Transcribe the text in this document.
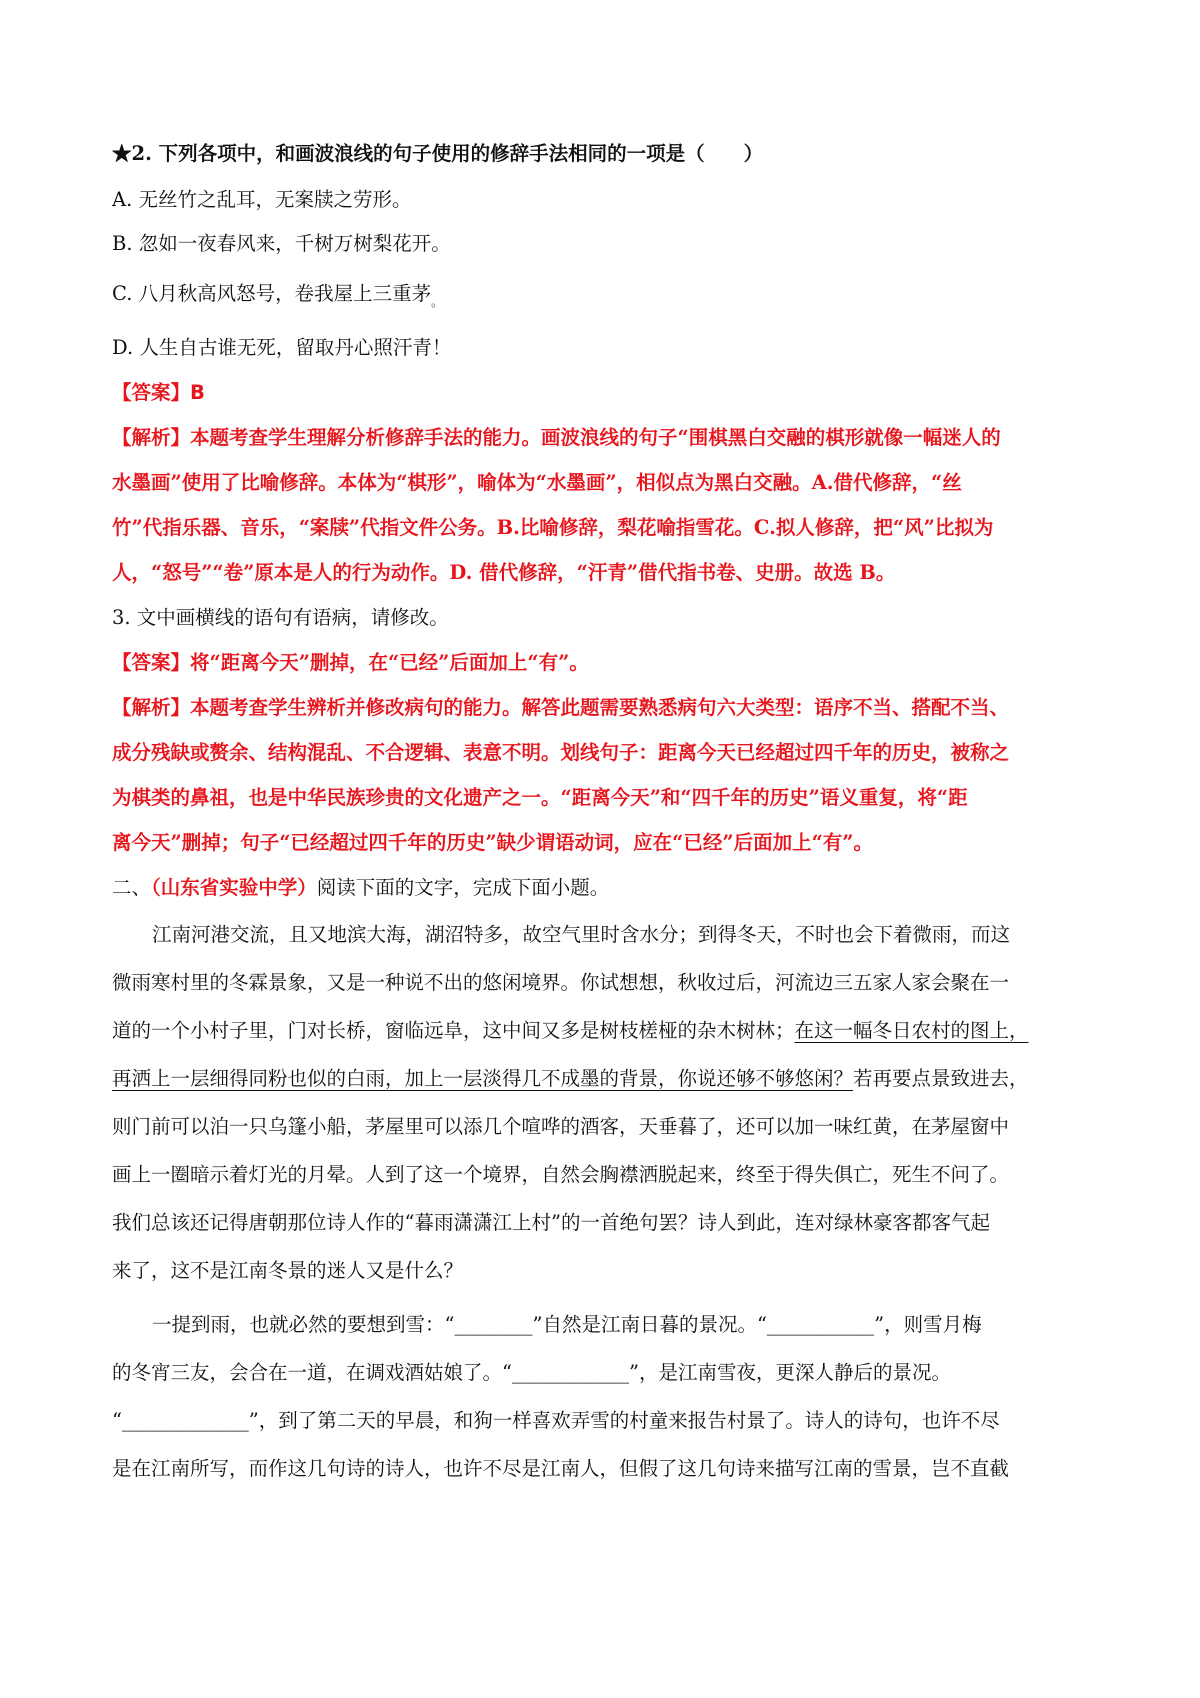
★2. 下列各项中，和画波浪线的句子使用的修辞手法相同的一项是（　　）
A. 无丝竹之乱耳，无案牍之劳形。
B. 忽如一夜春风来，千树万树梨花开。
C. 八月秋高风怒号，卷我屋上三重茅$_。$
D. 人生自古谁无死，留取丹心照汗青！
【答案】B
【解析】本题考查学生理解分析修辞手法的能力。画波浪线的句子“围棋黑白交融的棋形就像一幅迷人的
水墨画”使用了比喻修辞。本体为“棋形”，喻体为“水墨画”，相似点为黑白交融。A.借代修辞，“丝
竹”代指乐器、音乐，“案牍”代指文件公务。B.比喻修辞，梨花喻指雪花。C.拟人修辞，把“风”比拟为
人，“怒号”“卷”原本是人的行为动作。D. 借代修辞，“汗青”借代指书卷、史册。故选 B。
3. 文中画横线的语句有语病，请修改。
【答案】将“距离今天”删掉，在“已经”后面加上“有”。
【解析】本题考查学生辨析并修改病句的能力。解答此题需要熟悉病句六大类型：语序不当、搭配不当、
成分残缺或赘余、结构混乱、不合逻辑、表意不明。划线句子：距离今天已经超过四千年的历史，被称之
为棋类的鼻祖，也是中华民族珍贵的文化遗产之一。“距离今天”和“四千年的历史”语义重复，将“距
离今天”删掉；句子“已经超过四千年的历史”缺少谓语动词，应在“已经”后面加上“有”。
二、（山东省实验中学）阅读下面的文字，完成下面小题。
江南河港交流，且又地滨大海，湖沼特多，故空气里时含水分；到得冬天，不时也会下着微雨，而这
微雨寒村里的冬霖景象，又是一种说不出的悠闲境界。你试想想，秋收过后，河流边三五家人家会聚在一
道的一个小村子里，门对长桥，窗临远阜，这中间又多是树枝槎桠的杂木树林；在这一幅冬日农村的图上，
再洒上一层细得同粉也似的白雨，加上一层淡得几不成墨的背景，你说还够不够悠闲？若再要点景致进去，
则门前可以泊一只乌篷小船，茅屋里可以添几个喧哗的酒客，天垂暮了，还可以加一味红黄，在茅屋窗中
画上一圈暗示着灯光的月晕。人到了这一个境界，自然会胸襟洒脱起来，终至于得失俱亡，死生不问了。
我们总该还记得唐朝那位诗人作的“暮雨潇潇江上村”的一首绝句罢？诗人到此，连对绿林豪客都客气起
来了，这不是江南冬景的迷人又是什么？
一提到雨，也就必然的要想到雪：“________”自然是江南日暮的景况。“___________”，则雪月梅
的冬宵三友，会合在一道，在调戏酒姑娘了。“____________”，是江南雪夜，更深人静后的景况。
“_____________”，到了第二天的早晨，和狗一样喜欢弄雪的村童来报告村景了。诗人的诗句，也许不尽
是在江南所写，而作这几句诗的诗人，也许不尽是江南人，但假了这几句诗来描写江南的雪景，岂不直截
